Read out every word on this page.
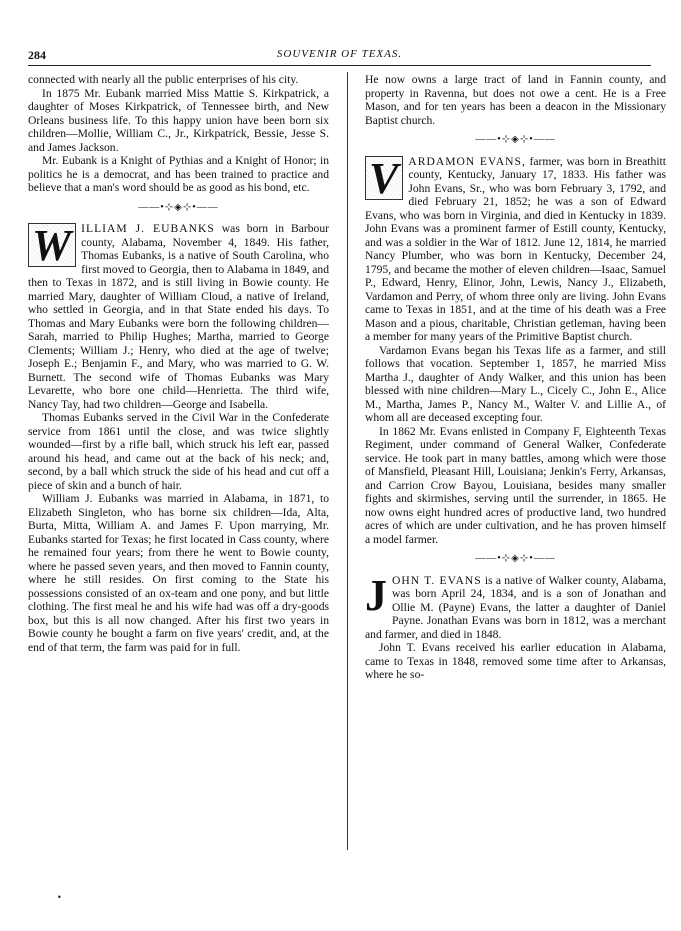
284	SOUVENIR OF TEXAS.

connected with nearly all the public enterprises of his city.

In 1875 Mr. Eubank married Miss Mattie S. Kirkpatrick, a daughter of Moses Kirkpatrick, of Tennessee birth, and New Orleans business life. To this happy union have been born six children—Mollie, William C., Jr., Kirkpatrick, Bessie, Jesse S. and James Jackson.

Mr. Eubank is a Knight of Pythias and a Knight of Honor; in politics he is a democrat, and has been trained to practice and believe that a man's word should be as good as his bond, etc.

——•⊹◈⊹•——

W ILLIAM J. EUBANKS was born in Barbour county, Alabama, November 4, 1849. His father, Thomas Eubanks, is a native of South Carolina, who first moved to Georgia, then to Alabama in 1849, and then to Texas in 1872, and is still living in Bowie county. He married Mary, daughter of William Cloud, a native of Ireland, who settled in Georgia, and in that State ended his days. To Thomas and Mary Eubanks were born the following children—Sarah, married to Philip Hughes; Martha, married to George Clements; William J.; Henry, who died at the age of twelve; Joseph E.; Benjamin F., and Mary, who was married to G. W. Burnett. The second wife of Thomas Eubanks was Mary Levarette, who bore one child—Henrietta. The third wife, Nancy Tay, had two children—George and Isabella.

Thomas Eubanks served in the Civil War in the Confederate service from 1861 until the close, and was twice slightly wounded—first by a rifle ball, which struck his left ear, passed around his head, and came out at the back of his neck; and, second, by a ball which struck the side of his head and cut off a piece of skin and a bunch of hair.

William J. Eubanks was married in Alabama, in 1871, to Elizabeth Singleton, who has borne six children—Ida, Alta, Burta, Mitta, William A. and James F. Upon marrying, Mr. Eubanks started for Texas; he first located in Cass county, where he remained four years; from there he went to Bowie county, where he passed seven years, and then moved to Fannin county, where he still resides. On first coming to the State his possessions consisted of an ox-team and one pony, and but little clothing. The first meal he and his wife had was off a dry-goods box, but this is all now changed. After his first two years in Bowie county he bought a farm on five years' credit, and, at the end of that term, the farm was paid for in full.

He now owns a large tract of land in Fannin county, and property in Ravenna, but does not owe a cent. He is a Free Mason, and for ten years has been a deacon in the Missionary Baptist church.

——•⊹◈⊹•——

V ARDAMON EVANS, farmer, was born in Breathitt county, Kentucky, January 17, 1833. His father was John Evans, Sr., who was born February 3, 1792, and died February 21, 1852; he was a son of Edward Evans, who was born in Virginia, and died in Kentucky in 1839. John Evans was a prominent farmer of Estill county, Kentucky, and was a soldier in the War of 1812. June 12, 1814, he married Nancy Plumber, who was born in Kentucky, December 24, 1795, and became the mother of eleven children—Isaac, Samuel P., Edward, Henry, Elinor, John, Lewis, Nancy J., Elizabeth, Vardamon and Perry, of whom three only are living. John Evans came to Texas in 1851, and at the time of his death was a Free Mason and a pious, charitable, Christian getleman, having been a member for many years of the Primitive Baptist church.

Vardamon Evans began his Texas life as a farmer, and still follows that vocation. September 1, 1857, he married Miss Martha J., daughter of Andy Walker, and this union has been blessed with nine children—Mary L., Cicely C., John E., Alice M., Martha, James P., Nancy M., Walter V. and Lillie A., of whom all are deceased excepting four.

In 1862 Mr. Evans enlisted in Company F, Eighteenth Texas Regiment, under command of General Walker, Confederate service. He took part in many battles, among which were those of Mansfield, Pleasant Hill, Louisiana; Jenkin's Ferry, Arkansas, and Carrion Crow Bayou, Louisiana, besides many smaller fights and skirmishes, serving until the surrender, in 1865. He now owns eight hundred acres of productive land, two hundred acres of which are under cultivation, and he has proven himself a model farmer.

——•⊹◈⊹•——

JOHN T. EVANS is a native of Walker county, Alabama, was born April 24, 1834, and is a son of Jonathan and Ollie M. (Payne) Evans, the latter a daughter of Daniel Payne. Jonathan Evans was born in 1812, was a merchant and farmer, and died in 1848.

John T. Evans received his earlier education in Alabama, came to Texas in 1848, removed some time after to Arkansas, where he so-

•
